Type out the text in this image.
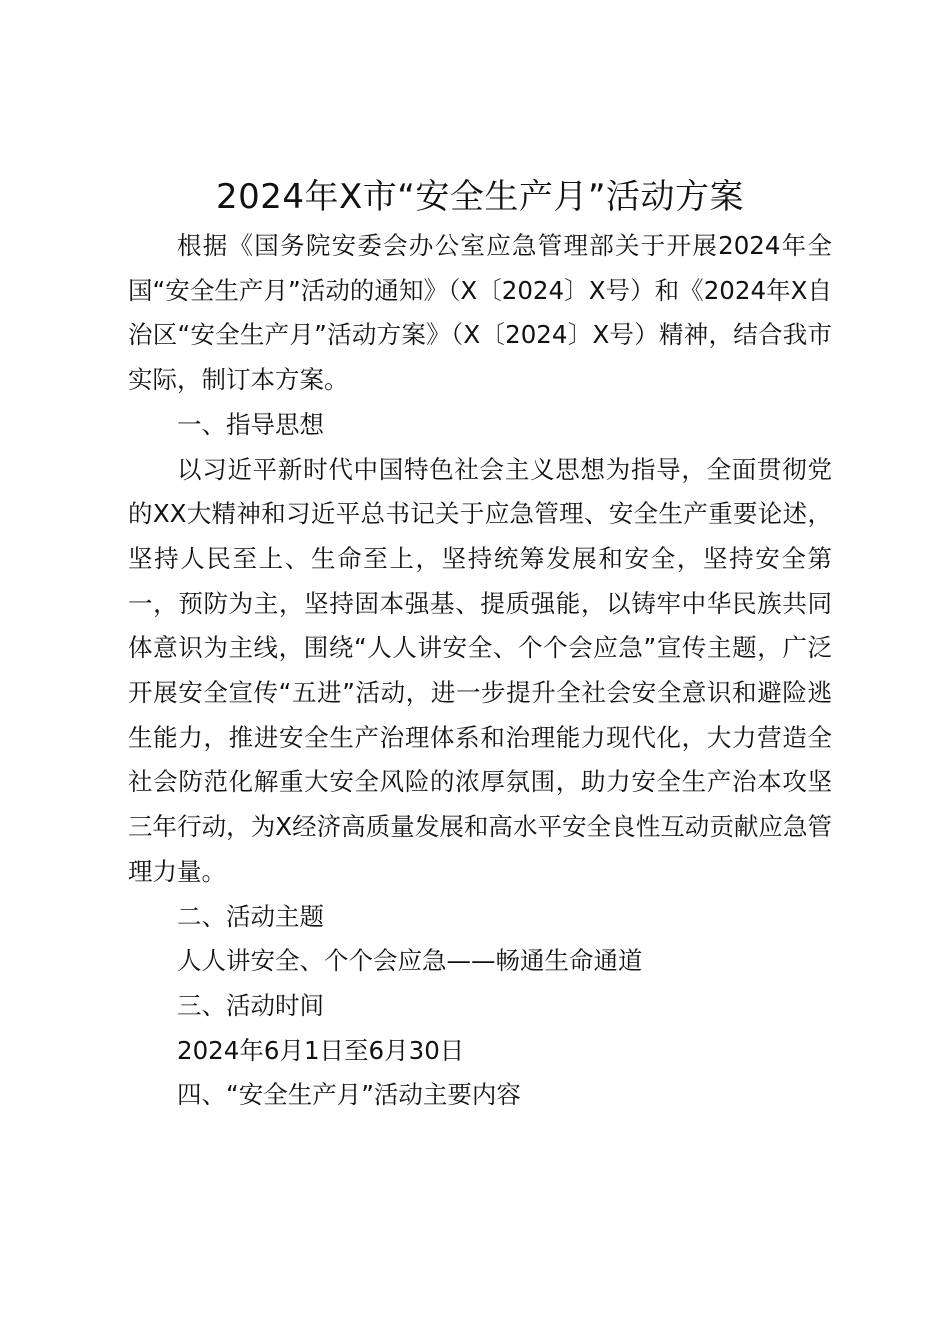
2024年X市“安全生产月”活动方案

根据《国务院安委会办公室应急管理部关于开展2024年全国“安全生产月”活动的通知》（X〔2024〕X号）和《2024年X自治区“安全生产月”活动方案》（X〔2024〕X号）精神，结合我市实际，制订本方案。

一、指导思想

以习近平新时代中国特色社会主义思想为指导，全面贯彻党的XX大精神和习近平总书记关于应急管理、安全生产重要论述，坚持人民至上、生命至上，坚持统筹发展和安全，坚持安全第一，预防为主，坚持固本强基、提质强能，以铸牢中华民族共同体意识为主线，围绕“人人讲安全、个个会应急”宣传主题，广泛开展安全宣传“五进”活动，进一步提升全社会安全意识和避险逃生能力，推进安全生产治理体系和治理能力现代化，大力营造全社会防范化解重大安全风险的浓厚氛围，助力安全生产治本攻坚三年行动，为X经济高质量发展和高水平安全良性互动贡献应急管理力量。

二、活动主题

人人讲安全、个个会应急——畅通生命通道

三、活动时间

2024年6月1日至6月30日

四、“安全生产月”活动主要内容
